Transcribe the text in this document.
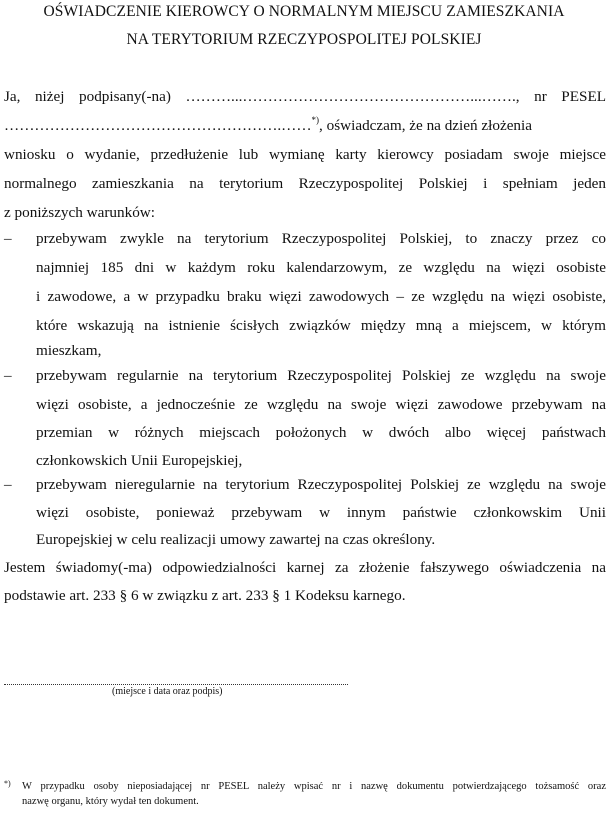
OŚWIADCZENIE KIEROWCY O NORMALNYM MIEJSCU ZAMIESZKANIA
NA TERYTORIUM RZECZYPOSPOLITEJ POLSKIEJ
Ja, niżej podpisany(-na) ………...………………………………………...……., nr PESEL
……………………………………………….……*), oświadczam, że na dzień złożenia
wniosku o wydanie, przedłużenie lub wymianę karty kierowcy posiadam swoje miejsce
normalnego zamieszkania na terytorium Rzeczypospolitej Polskiej i spełniam jeden
z poniższych warunków:
– przebywam zwykle na terytorium Rzeczypospolitej Polskiej, to znaczy przez co
najmniej 185 dni w każdym roku kalendarzowym, ze względu na więzi osobiste
i zawodowe, a w przypadku braku więzi zawodowych – ze względu na więzi osobiste,
które wskazują na istnienie ścisłych związków między mną a miejscem, w którym
mieszkam,
– przebywam regularnie na terytorium Rzeczypospolitej Polskiej ze względu na swoje
więzi osobiste, a jednocześnie ze względu na swoje więzi zawodowe przebywam na
przemian w różnych miejscach położonych w dwóch albo więcej państwach
członkowskich Unii Europejskiej,
– przebywam nieregularnie na terytorium Rzeczypospolitej Polskiej ze względu na swoje
więzi osobiste, ponieważ przebywam w innym państwie członkowskim Unii
Europejskiej w celu realizacji umowy zawartej na czas określony.
Jestem świadomy(-ma) odpowiedzialności karnej za złożenie fałszywego oświadczenia na
podstawie art. 233 § 6 w związku z art. 233 § 1 Kodeksu karnego.
(miejsce i data oraz podpis)
*) W przypadku osoby nieposiadającej nr PESEL należy wpisać nr i nazwę dokumentu potwierdzającego tożsamość oraz
nazwę organu, który wydał ten dokument.
